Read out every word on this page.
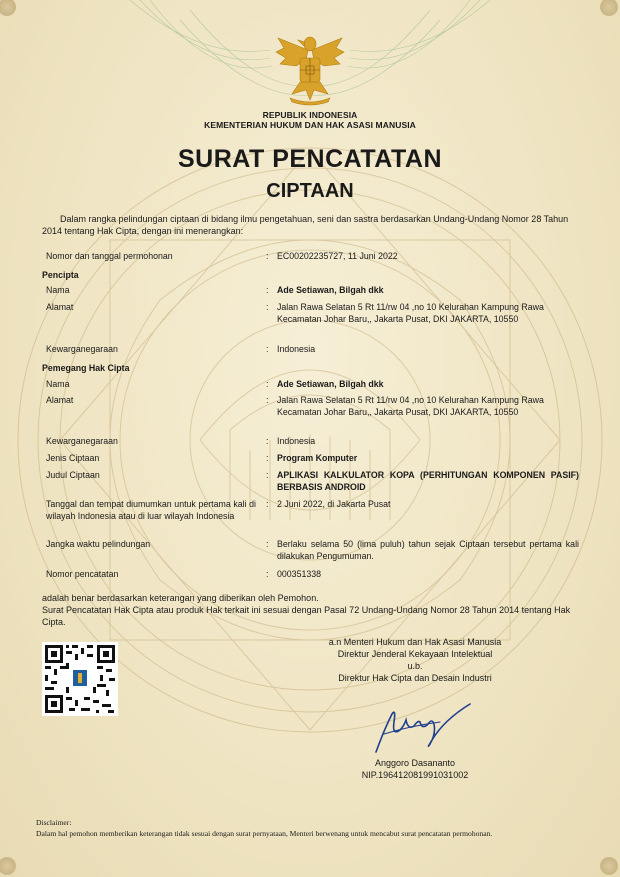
REPUBLIK INDONESIA
KEMENTERIAN HUKUM DAN HAK ASASI MANUSIA
SURAT PENCATATAN
CIPTAAN
Dalam rangka pelindungan ciptaan di bidang ilmu pengetahuan, seni dan sastra berdasarkan Undang-Undang Nomor 28 Tahun 2014 tentang Hak Cipta, dengan ini menerangkan:
Nomor dan tanggal permohonan	: EC00202235727, 11 Juni 2022
Pencipta
Nama	: Ade Setiawan, Bilgah dkk
Alamat	: Jalan Rawa Selatan 5 Rt 11/rw 04 ,no 10 Kelurahan Kampung Rawa Kecamatan Johar Baru,, Jakarta Pusat, DKI JAKARTA, 10550
Kewarganegaraan	: Indonesia
Pemegang Hak Cipta
Nama	: Ade Setiawan, Bilgah dkk
Alamat	: Jalan Rawa Selatan 5 Rt 11/rw 04 ,no 10 Kelurahan Kampung Rawa Kecamatan Johar Baru,, Jakarta Pusat, DKI JAKARTA, 10550
Kewarganegaraan	: Indonesia
Jenis Ciptaan	: Program Komputer
Judul Ciptaan	: APLIKASI KALKULATOR KOPA (PERHITUNGAN KOMPONEN PASIF) BERBASIS ANDROID
Tanggal dan tempat diumumkan untuk pertama kali di wilayah Indonesia atau di luar wilayah Indonesia
: 2 Juni 2022, di Jakarta Pusat
Jangka waktu pelindungan	: Berlaku selama 50 (lima puluh) tahun sejak Ciptaan tersebut pertama kali dilakukan Pengumuman.
Nomor pencatatan	: 000351338
adalah benar berdasarkan keterangan yang diberikan oleh Pemohon.
Surat Pencatatan Hak Cipta atau produk Hak terkait ini sesuai dengan Pasal 72 Undang-Undang Nomor 28 Tahun 2014 tentang Hak Cipta.
a.n Menteri Hukum dan Hak Asasi Manusia
Direktur Jenderal Kekayaan Intelektual
u.b.
Direktur Hak Cipta dan Desain Industri
Anggoro Dasananto
NIP.196412081991031002
Disclaimer:
Dalam hal pemohon memberikan keterangan tidak sesuai dengan surat pernyataan, Menteri berwenang untuk mencabut surat pencatatan permohonan.
